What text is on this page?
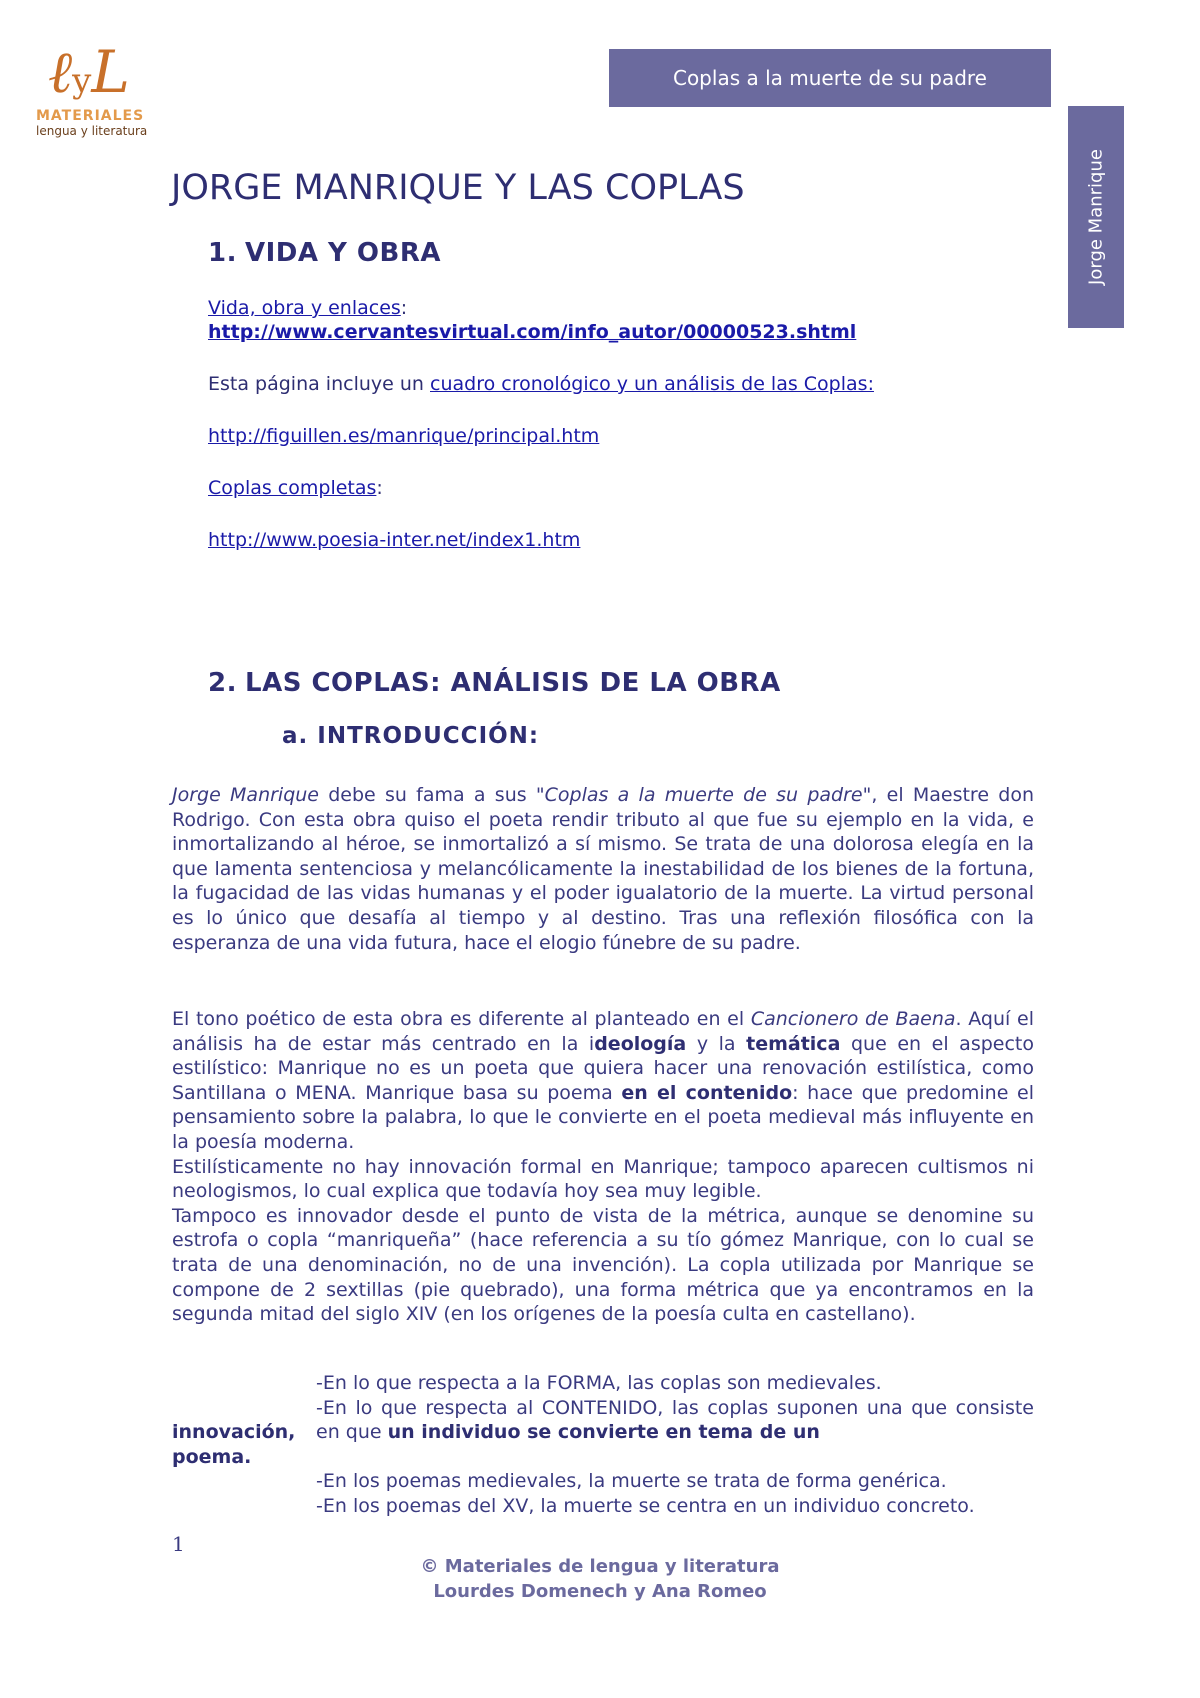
ℓyL
MATERIALES
lengua y literatura
Coplas a la muerte de su padre
Jorge Manrique
JORGE MANRIQUE Y LAS COPLAS
1. VIDA Y OBRA

Vida, obra y enlaces:

http://www.cervantesvirtual.com/info_autor/00000523.shtml

Esta página incluye un cuadro cronológico y un análisis de las Coplas:

http://figuillen.es/manrique/principal.htm

Coplas completas:

http://www.poesia-inter.net/index1.htm

2. LAS COPLAS: ANÁLISIS DE LA OBRA
a. INTRODUCCIÓN:

Jorge Manrique debe su fama a sus "Coplas a la muerte de su padre", el Maestre don Rodrigo. Con esta obra quiso el poeta rendir tributo al que fue su ejemplo en la vida, e inmortalizando al héroe, se inmortalizó a sí mismo. Se trata de una dolorosa elegía en la que lamenta sentenciosa y melancólicamente la inestabilidad de los bienes de la fortuna, la fugacidad de las vidas humanas y el poder igualatorio de la muerte. La virtud personal es lo único que desafía al tiempo y al destino. Tras una reflexión filosófica con la esperanza de una vida futura, hace el elogio fúnebre de su padre.

El tono poético de esta obra es diferente al planteado en el Cancionero de Baena. Aquí el análisis ha de estar más centrado en la ideología y la temática que en el aspecto estilístico: Manrique no es un poeta que quiera hacer una renovación estilística, como Santillana o MENA. Manrique basa su poema en el contenido: hace que predomine el pensamiento sobre la palabra, lo que le convierte en el poeta medieval más influyente en la poesía moderna.

Estilísticamente no hay innovación formal en Manrique; tampoco aparecen cultismos ni neologismos, lo cual explica que todavía hoy sea muy legible.

Tampoco es innovador desde el punto de vista de la métrica, aunque se denomine su estrofa o copla “manriqueña” (hace referencia a su tío gómez Manrique, con lo cual se trata de una denominación, no de una invención). La copla utilizada por Manrique se compone de 2 sextillas (pie quebrado), una forma métrica que ya encontramos en la segunda mitad del siglo XIV (en los orígenes de la poesía culta en castellano).

-En lo que respecta a la FORMA, las coplas son medievales.
innovación, poema.
-En lo que respecta al CONTENIDO, las coplas suponen una que consiste en que un individuo se convierte en tema de un
-En los poemas medievales, la muerte se trata de forma genérica.
-En los poemas del XV, la muerte se centra en un individuo concreto.
1
© Materiales de lengua y literatura
Lourdes Domenech y Ana Romeo
